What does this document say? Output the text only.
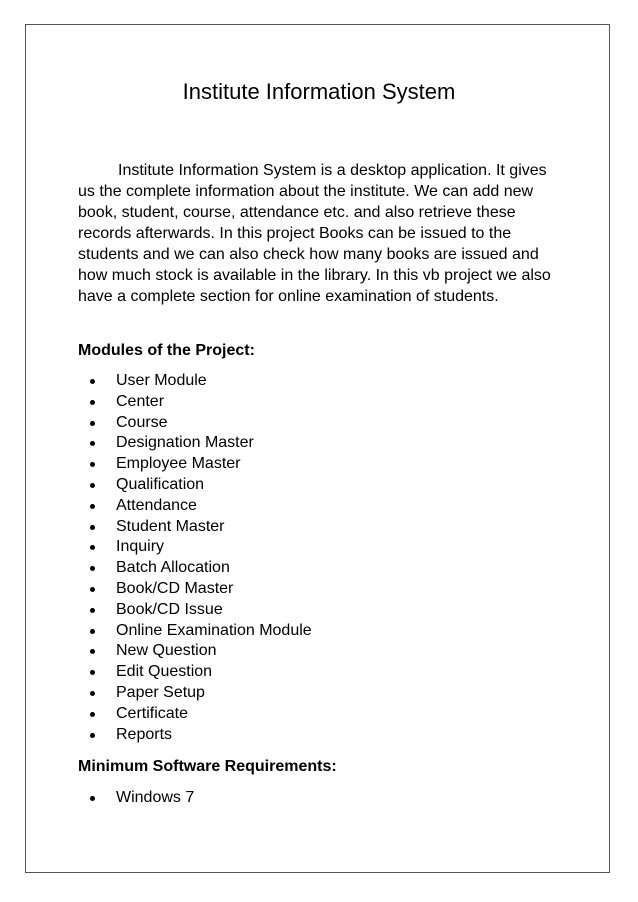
Institute Information System

Institute Information System is a desktop application. It gives us the complete information about the institute. We can add new book, student, course, attendance etc. and also retrieve these records afterwards. In this project Books can be issued to the students and we can also check how many books are issued and how much stock is available in the library. In this vb project we also have a complete section for online examination of students.

Modules of the Project:
User Module
Center
Course
Designation Master
Employee Master
Qualification
Attendance
Student Master
Inquiry
Batch Allocation
Book/CD Master
Book/CD Issue
Online Examination Module
New Question
Edit Question
Paper Setup
Certificate
Reports
Minimum Software Requirements:
Windows 7
